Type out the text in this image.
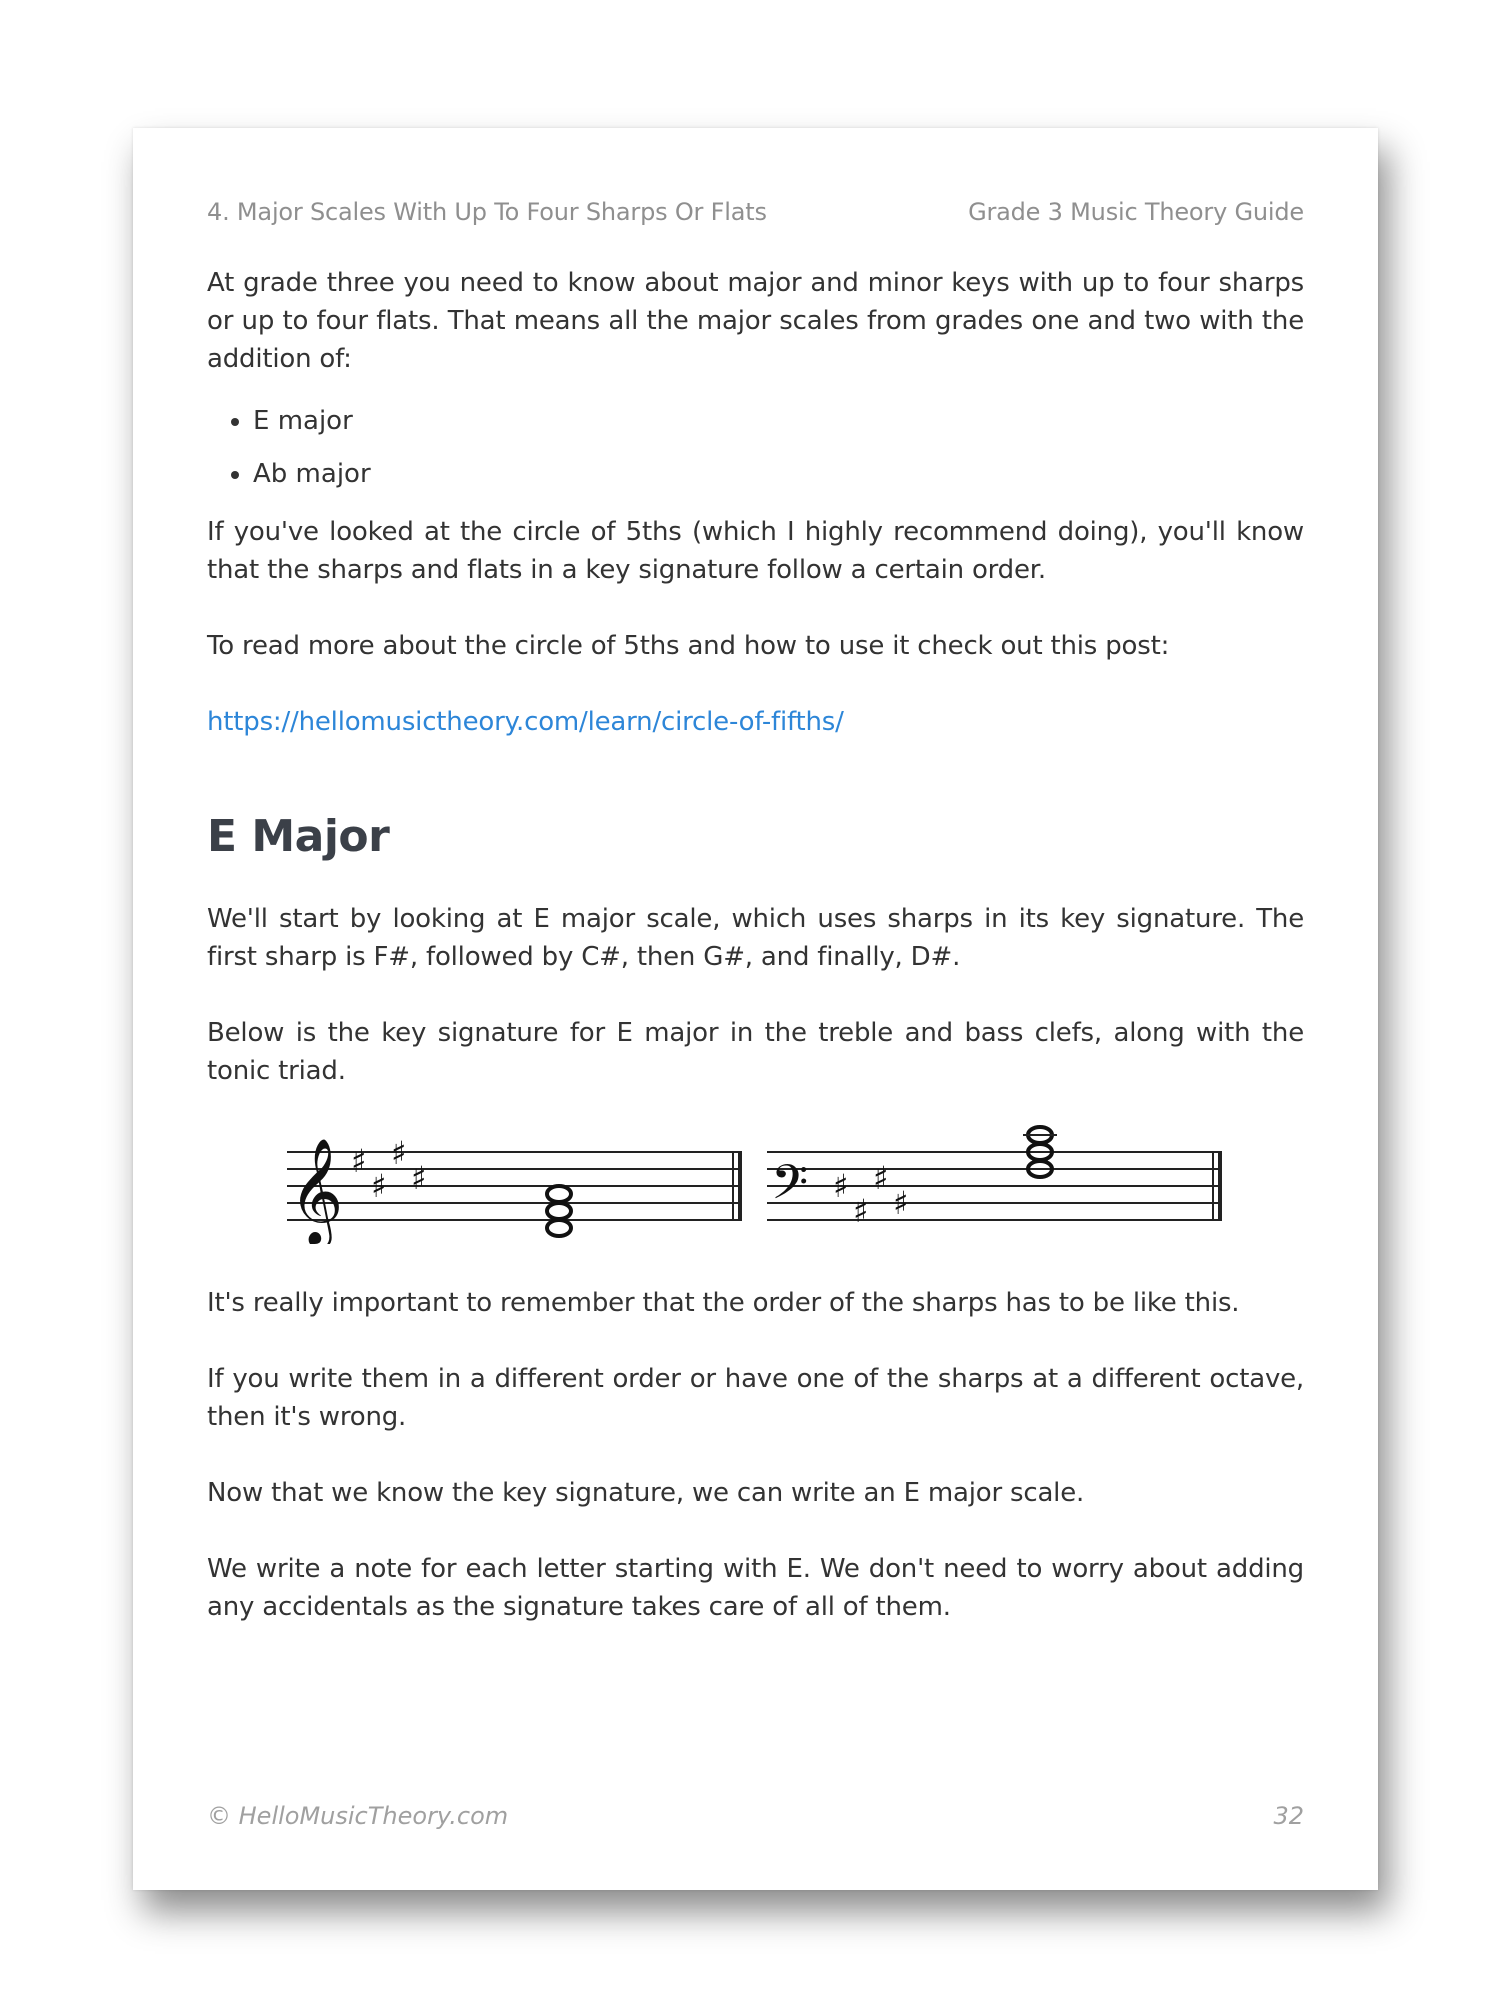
4. Major Scales With Up To Four Sharps Or Flats	Grade 3 Music Theory Guide

At grade three you need to know about major and minor keys with up to four sharps or up to four flats. That means all the major scales from grades one and two with the addition of:

• E major
• Ab major

If you've looked at the circle of 5ths (which I highly recommend doing), you'll know that the sharps and flats in a key signature follow a certain order.

To read more about the circle of 5ths and how to use it check out this post:

https://hellomusictheory.com/learn/circle-of-fifths/

E Major

We'll start by looking at E major scale, which uses sharps in its key signature. The first sharp is F#, followed by C#, then G#, and finally, D#.

Below is the key signature for E major in the treble and bass clefs, along with the tonic triad.

𝄞 ♯
♯
♯
♯	𝄢 ♯
♯
♯
♯

It's really important to remember that the order of the sharps has to be like this.

If you write them in a different order or have one of the sharps at a different octave, then it's wrong.

Now that we know the key signature, we can write an E major scale.

We write a note for each letter starting with E. We don't need to worry about adding any accidentals as the signature takes care of all of them.

© HelloMusicTheory.com	32
